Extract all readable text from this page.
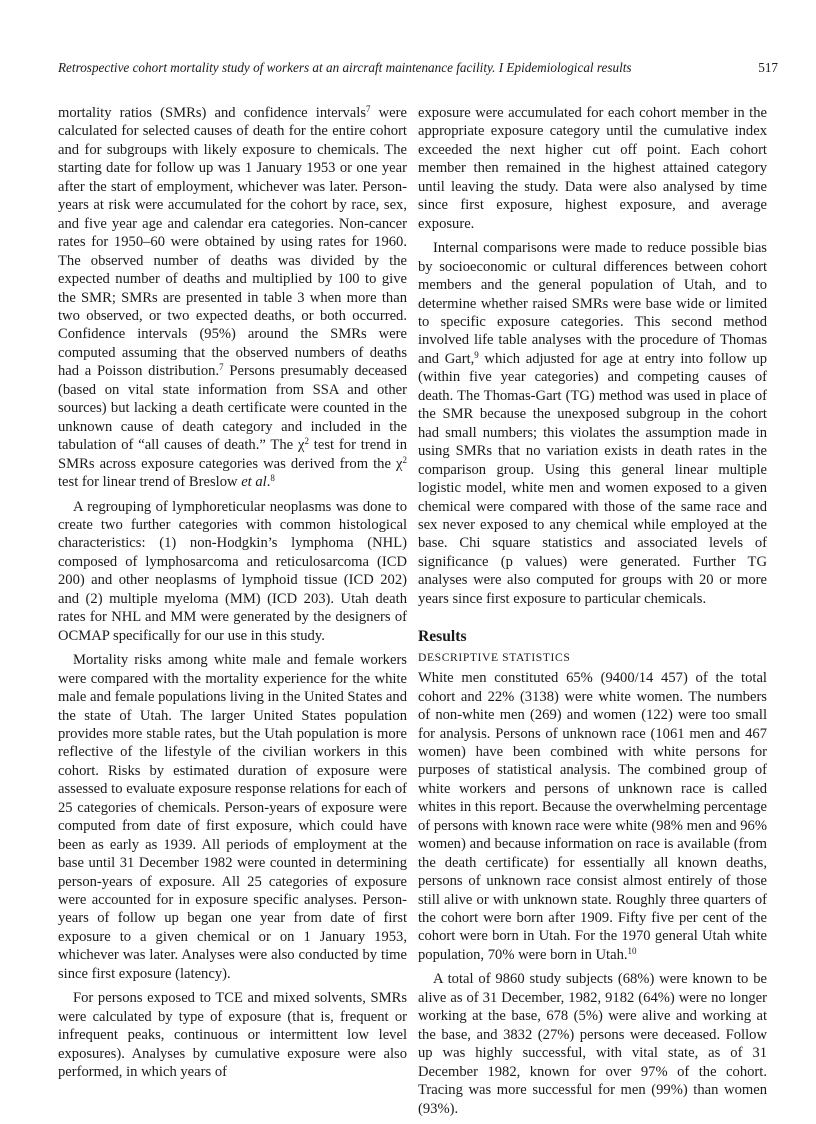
Retrospective cohort mortality study of workers at an aircraft maintenance facility. I Epidemiological results	517

mortality ratios (SMRs) and confidence intervals$^7$ were calculated for selected causes of death for the entire cohort and for subgroups with likely exposure to chemicals. The starting date for follow up was 1 January 1953 or one year after the start of employment, whichever was later. Person-years at risk were accumulated for the cohort by race, sex, and five year age and calendar era categories. Non-cancer rates for 1950–60 were obtained by using rates for 1960. The observed number of deaths was divided by the expected number of deaths and multiplied by 100 to give the SMR; SMRs are presented in table 3 when more than two observed, or two expected deaths, or both occurred. Confidence intervals (95%) around the SMRs were computed assuming that the observed numbers of deaths had a Poisson distribution.$^7$ Persons presumably deceased (based on vital state information from SSA and other sources) but lacking a death certificate were counted in the unknown cause of death category and included in the tabulation of “all causes of death.” The $\chi^2$ test for trend in SMRs across exposure categories was derived from the $\chi^2$ test for linear trend of Breslow et al.$^8$

A regrouping of lymphoreticular neoplasms was done to create two further categories with common histological characteristics: (1) non-Hodgkin’s lymphoma (NHL) composed of lymphosarcoma and reticulosarcoma (ICD 200) and other neoplasms of lymphoid tissue (ICD 202) and (2) multiple myeloma (MM) (ICD 203). Utah death rates for NHL and MM were generated by the designers of OCMAP specifically for our use in this study.

Mortality risks among white male and female workers were compared with the mortality experience for the white male and female populations living in the United States and the state of Utah. The larger United States population provides more stable rates, but the Utah population is more reflective of the lifestyle of the civilian workers in this cohort. Risks by estimated duration of exposure were assessed to evaluate exposure response relations for each of 25 categories of chemicals. Person-years of exposure were computed from date of first exposure, which could have been as early as 1939. All periods of employment at the base until 31 December 1982 were counted in determining person-years of exposure. All 25 categories of exposure were accounted for in exposure specific analyses. Person-years of follow up began one year from date of first exposure to a given chemical or on 1 January 1953, whichever was later. Analyses were also conducted by time since first exposure (latency).

For persons exposed to TCE and mixed solvents, SMRs were calculated by type of exposure (that is, frequent or infrequent peaks, continuous or intermittent low level exposures). Analyses by cumulative exposure were also performed, in which years of

exposure were accumulated for each cohort member in the appropriate exposure category until the cumulative index exceeded the next higher cut off point. Each cohort member then remained in the highest attained category until leaving the study. Data were also analysed by time since first exposure, highest exposure, and average exposure.

Internal comparisons were made to reduce possible bias by socioeconomic or cultural differences between cohort members and the general population of Utah, and to determine whether raised SMRs were base wide or limited to specific exposure categories. This second method involved life table analyses with the procedure of Thomas and Gart,$^9$ which adjusted for age at entry into follow up (within five year categories) and competing causes of death. The Thomas-Gart (TG) method was used in place of the SMR because the unexposed subgroup in the cohort had small numbers; this violates the assumption made in using SMRs that no variation exists in death rates in the comparison group. Using this general linear multiple logistic model, white men and women exposed to a given chemical were compared with those of the same race and sex never exposed to any chemical while employed at the base. Chi square statistics and associated levels of significance (p values) were generated. Further TG analyses were also computed for groups with 20 or more years since first exposure to particular chemicals.

Results
DESCRIPTIVE STATISTICS

White men constituted 65% (9400/14 457) of the total cohort and 22% (3138) were white women. The numbers of non-white men (269) and women (122) were too small for analysis. Persons of unknown race (1061 men and 467 women) have been combined with white persons for purposes of statistical analysis. The combined group of white workers and persons of unknown race is called whites in this report. Because the overwhelming percentage of persons with known race were white (98% men and 96% women) and because information on race is available (from the death certificate) for essentially all known deaths, persons of unknown race consist almost entirely of those still alive or with unknown state. Roughly three quarters of the cohort were born after 1909. Fifty five per cent of the cohort were born in Utah. For the 1970 general Utah white population, 70% were born in Utah.$^{10}$

A total of 9860 study subjects (68%) were known to be alive as of 31 December, 1982, 9182 (64%) were no longer working at the base, 678 (5%) were alive and working at the base, and 3832 (27%) persons were deceased. Follow up was highly successful, with vital state, as of 31 December 1982, known for over 97% of the cohort. Tracing was more successful for men (99%) than women (93%).
